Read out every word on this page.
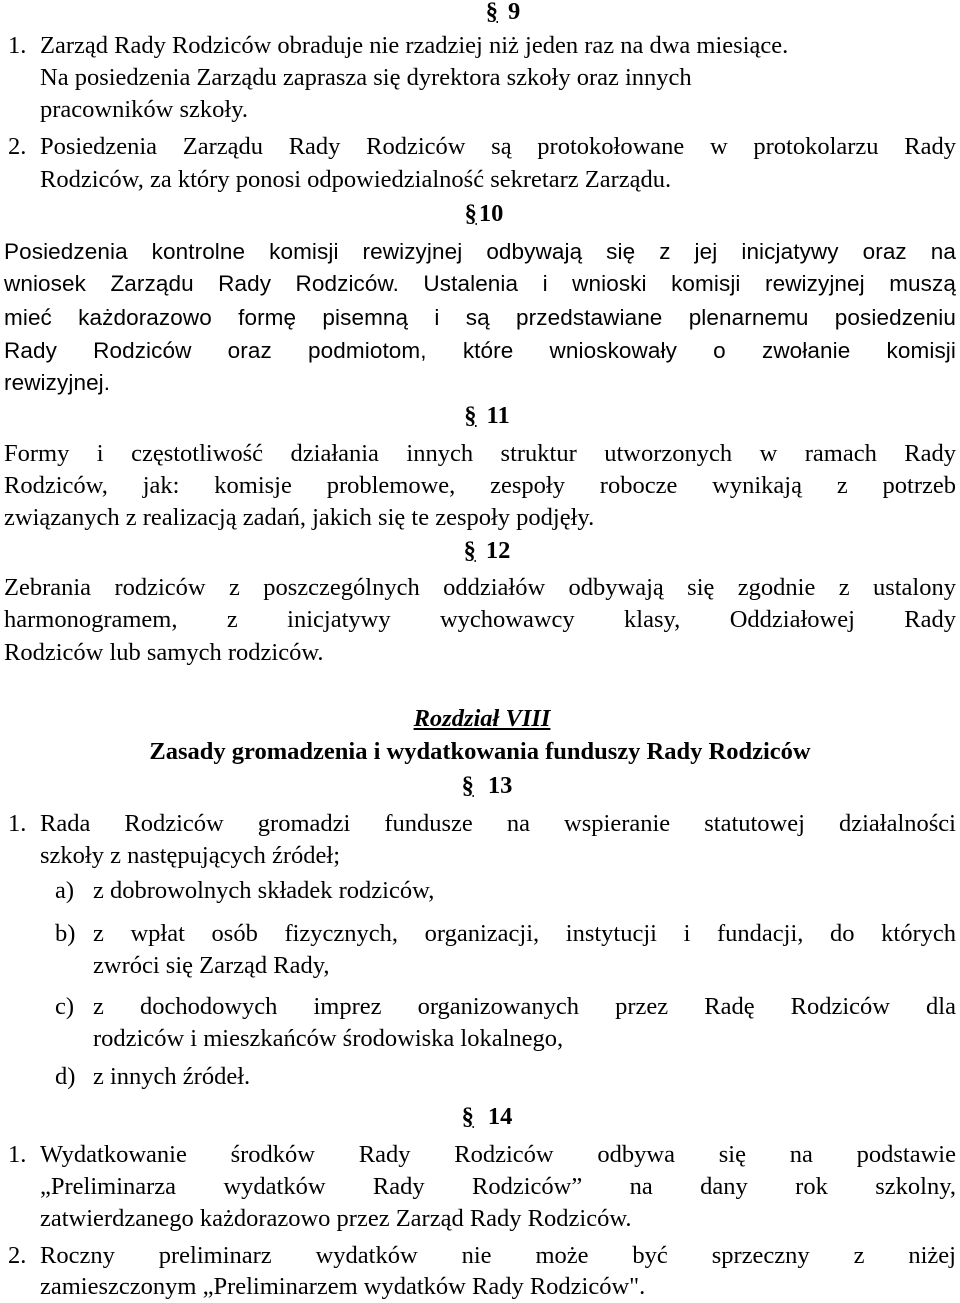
§ 9
1. Zarząd Rady Rodziców obraduje nie rzadziej niż jeden raz na dwa miesiące.
Na posiedzenia Zarządu zaprasza się dyrektora szkoły oraz innych
pracowników szkoły.
2. Posiedzenia Zarządu Rady Rodziców są protokołowane w protokolarzu Rady
Rodziców, za który ponosi odpowiedzialność sekretarz Zarządu.
§10
Posiedzenia kontrolne komisji rewizyjnej odbywają się z jej inicjatywy oraz na
wniosek Zarządu Rady Rodziców. Ustalenia i wnioski komisji rewizyjnej muszą
mieć każdorazowo formę pisemną i są przedstawiane plenarnemu posiedzeniu
Rady Rodziców oraz podmiotom, które wnioskowały o zwołanie komisji
rewizyjnej.
§ 11
Formy i częstotliwość działania innych struktur utworzonych w ramach Rady
Rodziców, jak: komisje problemowe, zespoły robocze wynikają z potrzeb
związanych z realizacją zadań, jakich się te zespoły podjęły.
§ 12
Zebrania rodziców z poszczególnych oddziałów odbywają się zgodnie z ustalony
harmonogramem, z inicjatywy wychowawcy klasy, Oddziałowej Rady
Rodziców lub samych rodziców.
Rozdział VIII
Zasady gromadzenia i wydatkowania funduszy Rady Rodziców
§ 13
1. Rada Rodziców gromadzi fundusze na wspieranie statutowej działalności
szkoły z następujących źródeł;
a) z dobrowolnych składek rodziców,
b) z wpłat osób fizycznych, organizacji, instytucji i fundacji, do których
zwróci się Zarząd Rady,
c) z dochodowych imprez organizowanych przez Radę Rodziców dla
rodziców i mieszkańców środowiska lokalnego,
d) z innych źródeł.
§ 14
1. Wydatkowanie środków Rady Rodziców odbywa się na podstawie
„Preliminarza wydatków Rady Rodziców” na dany rok szkolny,
zatwierdzanego każdorazowo przez Zarząd Rady Rodziców.
2. Roczny preliminarz wydatków nie może być sprzeczny z niżej
zamieszczonym „Preliminarzem wydatków Rady Rodziców".
